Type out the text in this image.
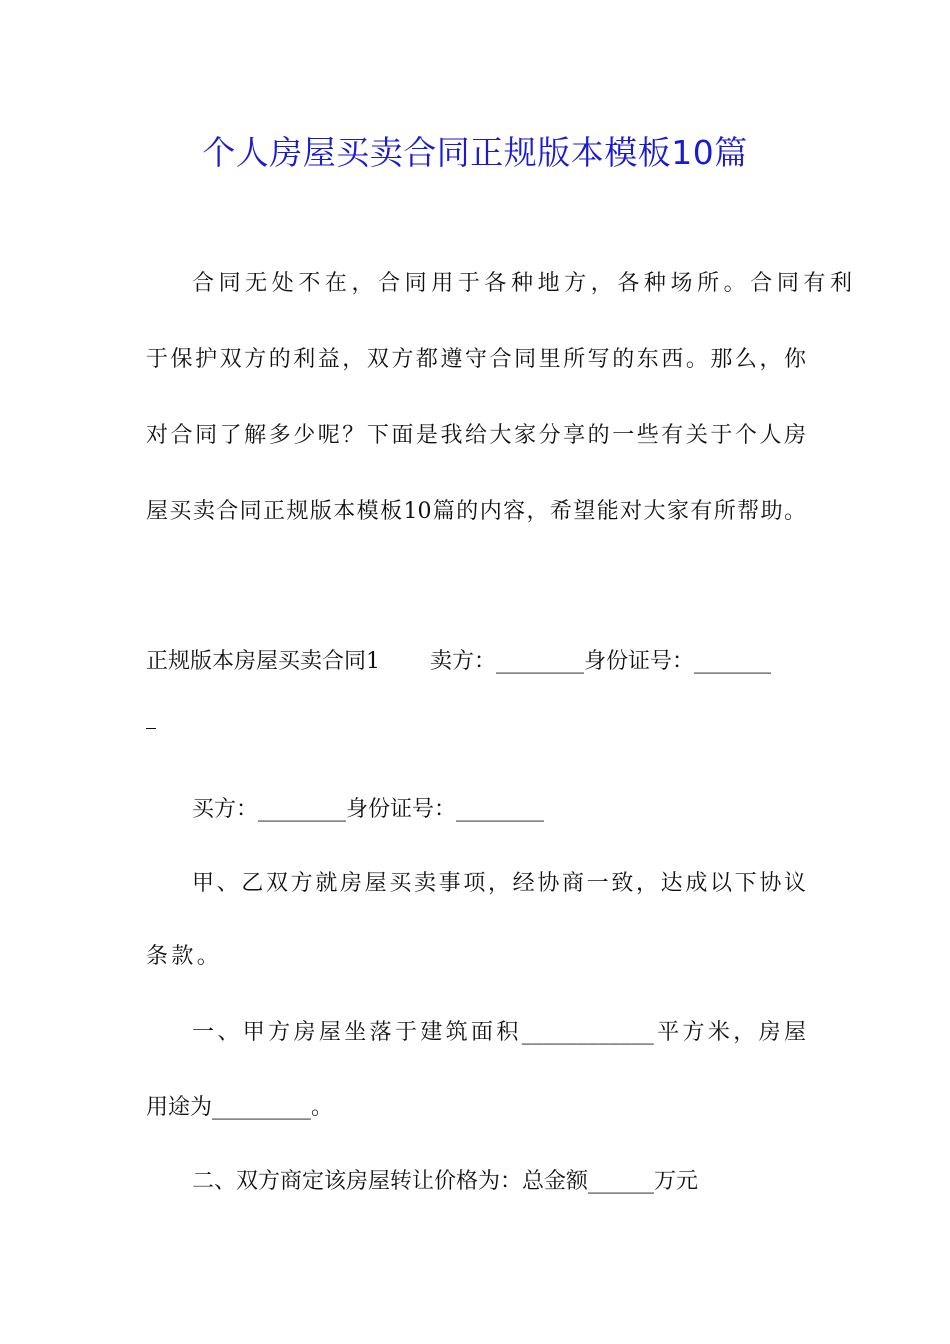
个人房屋买卖合同正规版本模板10篇
合同无处不在，合同用于各种地方，各种场所。合同有利
于保护双方的利益，双方都遵守合同里所写的东西。那么，你
对合同了解多少呢？下面是我给大家分享的一些有关于个人房
屋买卖合同正规版本模板10篇的内容，希望能对大家有所帮助。
正规版本房屋买卖合同1 卖方：________身份证号：_______
买方：________身份证号：________
甲、乙双方就房屋买卖事项，经协商一致，达成以下协议
条款。
一、甲方房屋坐落于建筑面积____________平方米，房屋
用途为_________。
二、双方商定该房屋转让价格为：总金额______万元
